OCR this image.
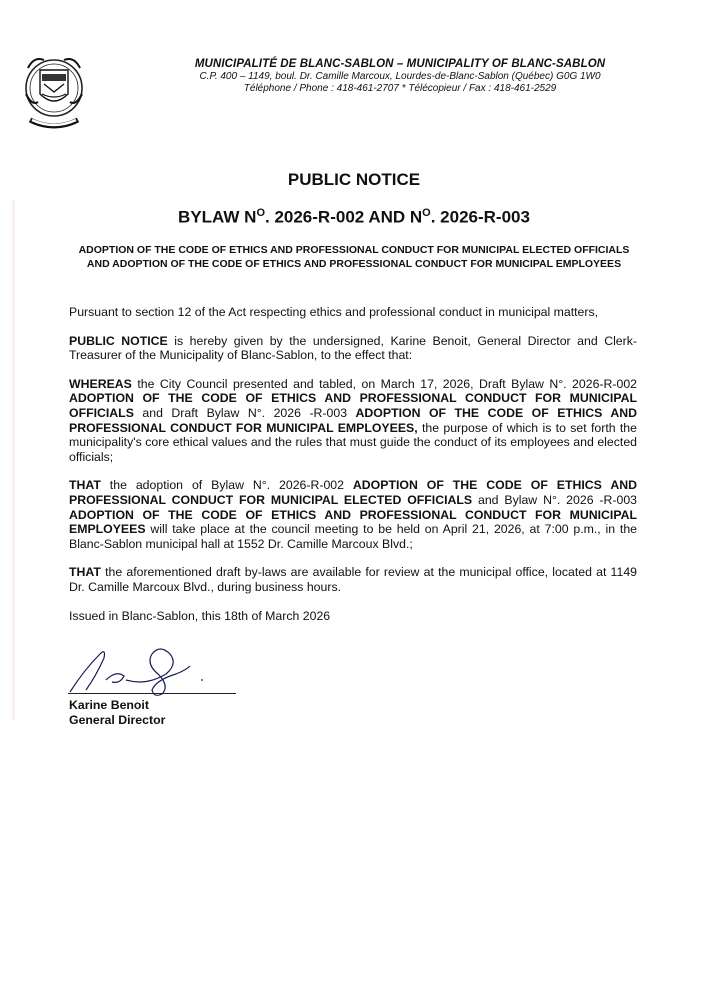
MUNICIPALITÉ DE BLANC-SABLON – MUNICIPALITY OF BLANC-SABLON

C.P. 400 – 1149, boul. Dr. Camille Marcoux, Lourdes-de-Blanc-Sablon (Québec) G0G 1W0

Téléphone / Phone : 418-461-2707 * Télécopieur / Fax : 418-461-2529

PUBLIC NOTICE
BYLAW $N^O$. 2026-R-002 AND $N^O$. 2026-R-003

ADOPTION OF THE CODE OF ETHICS AND PROFESSIONAL CONDUCT FOR MUNICIPAL ELECTED OFFICIALS AND ADOPTION OF THE CODE OF ETHICS AND PROFESSIONAL CONDUCT FOR MUNICIPAL EMPLOYEES

Pursuant to section 12 of the Act respecting ethics and professional conduct in municipal matters,

PUBLIC NOTICE is hereby given by the undersigned, Karine Benoit, General Director and Clerk-Treasurer of the Municipality of Blanc-Sablon, to the effect that:

WHEREAS the City Council presented and tabled, on March 17, 2026, Draft Bylaw N°. 2026-R-002 ADOPTION OF THE CODE OF ETHICS AND PROFESSIONAL CONDUCT FOR MUNICIPAL OFFICIALS and Draft Bylaw N°. 2026 -R-003 ADOPTION OF THE CODE OF ETHICS AND PROFESSIONAL CONDUCT FOR MUNICIPAL EMPLOYEES, the purpose of which is to set forth the municipality's core ethical values and the rules that must guide the conduct of its employees and elected officials;

THAT the adoption of Bylaw N°. 2026-R-002 ADOPTION OF THE CODE OF ETHICS AND PROFESSIONAL CONDUCT FOR MUNICIPAL ELECTED OFFICIALS and Bylaw N°. 2026 -R-003 ADOPTION OF THE CODE OF ETHICS AND PROFESSIONAL CONDUCT FOR MUNICIPAL EMPLOYEES will take place at the council meeting to be held on April 21, 2026, at 7:00 p.m., in the Blanc-Sablon municipal hall at 1552 Dr. Camille Marcoux Blvd.;

THAT the aforementioned draft by-laws are available for review at the municipal office, located at 1149 Dr. Camille Marcoux Blvd., during business hours.

Issued in Blanc-Sablon, this 18th of March 2026

Karine Benoit

General Director
